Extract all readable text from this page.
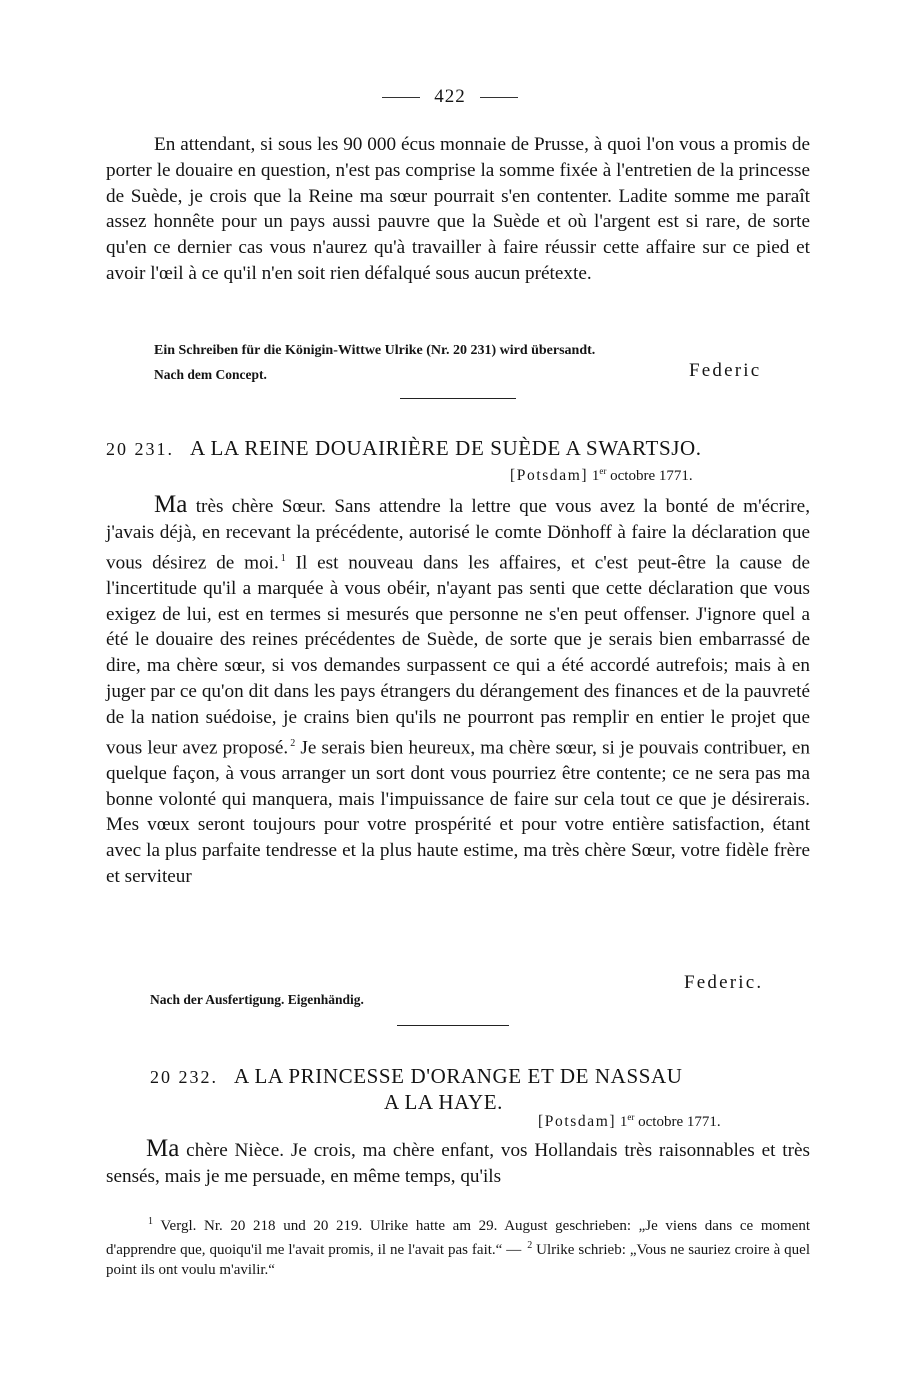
422
En attendant, si sous les 90 000 écus monnaie de Prusse, à quoi l'on vous a promis de porter le douaire en question, n'est pas comprise la somme fixée à l'entretien de la princesse de Suède, je crois que la Reine ma sœur pourrait s'en contenter. Ladite somme me paraît assez honnête pour un pays aussi pauvre que la Suède et où l'argent est si rare, de sorte qu'en ce dernier cas vous n'aurez qu'à travailler à faire réussir cette affaire sur ce pied et avoir l'œil à ce qu'il n'en soit rien défalqué sous aucun prétexte.
Ein Schreiben für die Königin-Wittwe Ulrike (Nr. 20 231) wird übersandt.
Nach dem Concept.	Federic
20 231. A LA REINE DOUAIRIÈRE DE SUÈDE A SWARTSJO.
[Potsdam] 1er octobre 1771.
Ma très chère Sœur. Sans attendre la lettre que vous avez la bonté de m'écrire, j'avais déjà, en recevant la précédente, autorisé le comte Dönhoff à faire la déclaration que vous désirez de moi. $^1$ Il est nouveau dans les affaires, et c'est peut-être la cause de l'incertitude qu'il a marquée à vous obéir, n'ayant pas senti que cette déclaration que vous exigez de lui, est en termes si mesurés que personne ne s'en peut offenser. J'ignore quel a été le douaire des reines précédentes de Suède, de sorte que je serais bien embarrassé de dire, ma chère sœur, si vos demandes surpassent ce qui a été accordé autrefois; mais à en juger par ce qu'on dit dans les pays étrangers du dérangement des finances et de la pauvreté de la nation suédoise, je crains bien qu'ils ne pourront pas remplir en entier le projet que vous leur avez proposé. $^2$ Je serais bien heureux, ma chère sœur, si je pouvais contribuer, en quelque façon, à vous arranger un sort dont vous pourriez être contente; ce ne sera pas ma bonne volonté qui manquera, mais l'impuissance de faire sur cela tout ce que je désirerais. Mes vœux seront toujours pour votre prospérité et pour votre entière satisfaction, étant avec la plus parfaite tendresse et la plus haute estime, ma très chère Sœur, votre fidèle frère et serviteur
Federic.
Nach der Ausfertigung. Eigenhändig.
20 232. A LA PRINCESSE D'ORANGE ET DE NASSAU
A LA HAYE.
[Potsdam] 1er octobre 1771.
Ma chère Nièce. Je crois, ma chère enfant, vos Hollandais très raisonnables et très sensés, mais je me persuade, en même temps, qu'ils
$^1$ Vergl. Nr. 20 218 und 20 219. Ulrike hatte am 29. August geschrieben: „Je viens dans ce moment d'apprendre que, quoiqu'il me l'avait promis, il ne l'avait pas fait.“ — $^2$ Ulrike schrieb: „Vous ne sauriez croire à quel point ils ont voulu m'avilir.“
